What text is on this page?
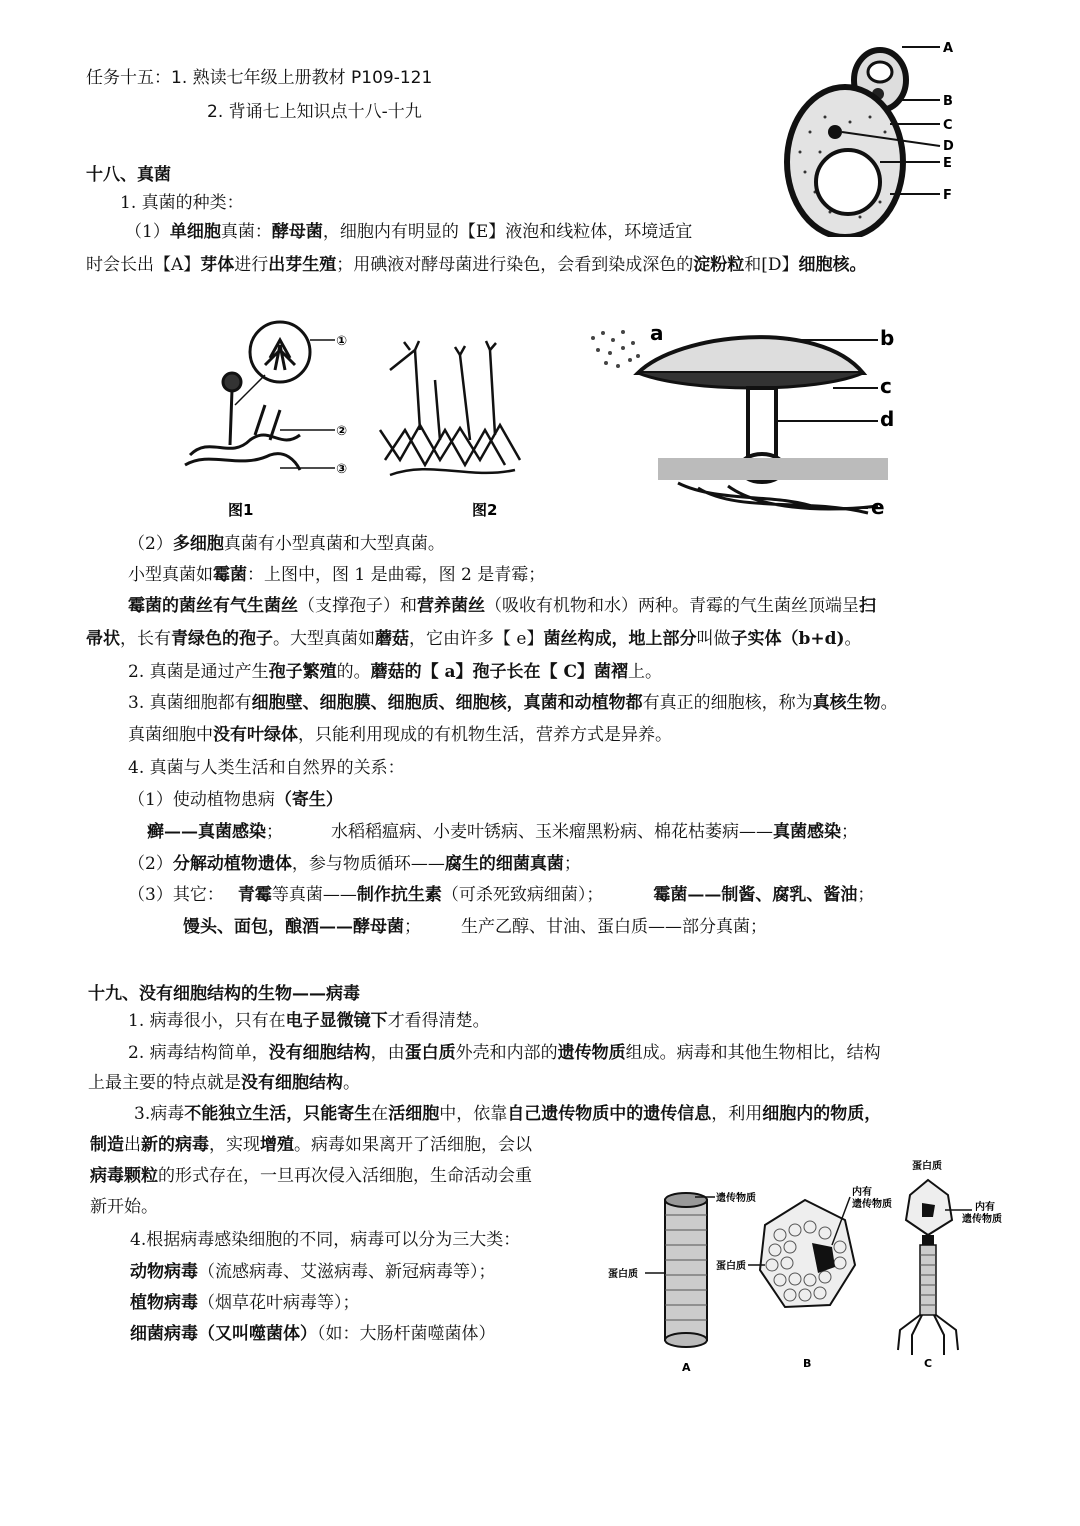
任务十五：1. 熟读七年级上册教材 P109-121
2. 背诵七上知识点十八-十九
A
B
C
D
E
F
十八、真菌
1. 真菌的种类：
（1）单细胞真菌：酵母菌，细胞内有明显的【E】液泡和线粒体，环境适宜
时会长出【A】芽体进行出芽生殖；用碘液对酵母菌进行染色，会看到染成深色的淀粉粒和[D】细胞核。
①
②
③
图1	图2
a	b
c
d
e
（2）多细胞真菌有小型真菌和大型真菌。
小型真菌如霉菌：上图中，图 1 是曲霉，图 2 是青霉；
霉菌的菌丝有气生菌丝（支撑孢子）和营养菌丝（吸收有机物和水）两种。青霉的气生菌丝顶端呈扫
帚状，长有青绿色的孢子。大型真菌如蘑菇，它由许多【 e】菌丝构成，地上部分叫做子实体（b+d)。
2. 真菌是通过产生孢子繁殖的。蘑菇的【 a】孢子长在【 C】菌褶上。
3. 真菌细胞都有细胞壁、细胞膜、细胞质、细胞核，真菌和动植物都有真正的细胞核，称为真核生物。
真菌细胞中没有叶绿体，只能利用现成的有机物生活，营养方式是异养。
4. 真菌与人类生活和自然界的关系：
（1）使动植物患病（寄生）
癣——真菌感染；	水稻稻瘟病、小麦叶锈病、玉米瘤黑粉病、棉花枯萎病——真菌感染；
（2）分解动植物遗体，参与物质循环——腐生的细菌真菌；
（3）其它： 青霉等真菌——制作抗生素（可杀死致病细菌）；	霉菌——制酱、腐乳、酱油；
馒头、面包，酿酒——酵母菌； 生产乙醇、甘油、蛋白质——部分真菌；
十九、没有细胞结构的生物——病毒
1. 病毒很小，只有在电子显微镜下才看得清楚。
2. 病毒结构简单，没有细胞结构，由蛋白质外壳和内部的遗传物质组成。病毒和其他生物相比，结构
上最主要的特点就是没有细胞结构。
3.病毒不能独立生活，只能寄生在活细胞中，依靠自己遗传物质中的遗传信息，利用细胞内的物质，
制造出新的病毒，实现增殖。病毒如果离开了活细胞，会以
病毒颗粒的形式存在，一旦再次侵入活细胞，生命活动会重
新开始。
4.根据病毒感染细胞的不同，病毒可以分为三大类：
动物病毒（流感病毒、艾滋病毒、新冠病毒等）；
植物病毒（烟草花叶病毒等）；
细菌病毒（又叫噬菌体）（如：大肠杆菌噬菌体）
遗传物质
蛋白质
A
内有
遗传物质
蛋白质
B
蛋白质
内有
遗传物质
C
